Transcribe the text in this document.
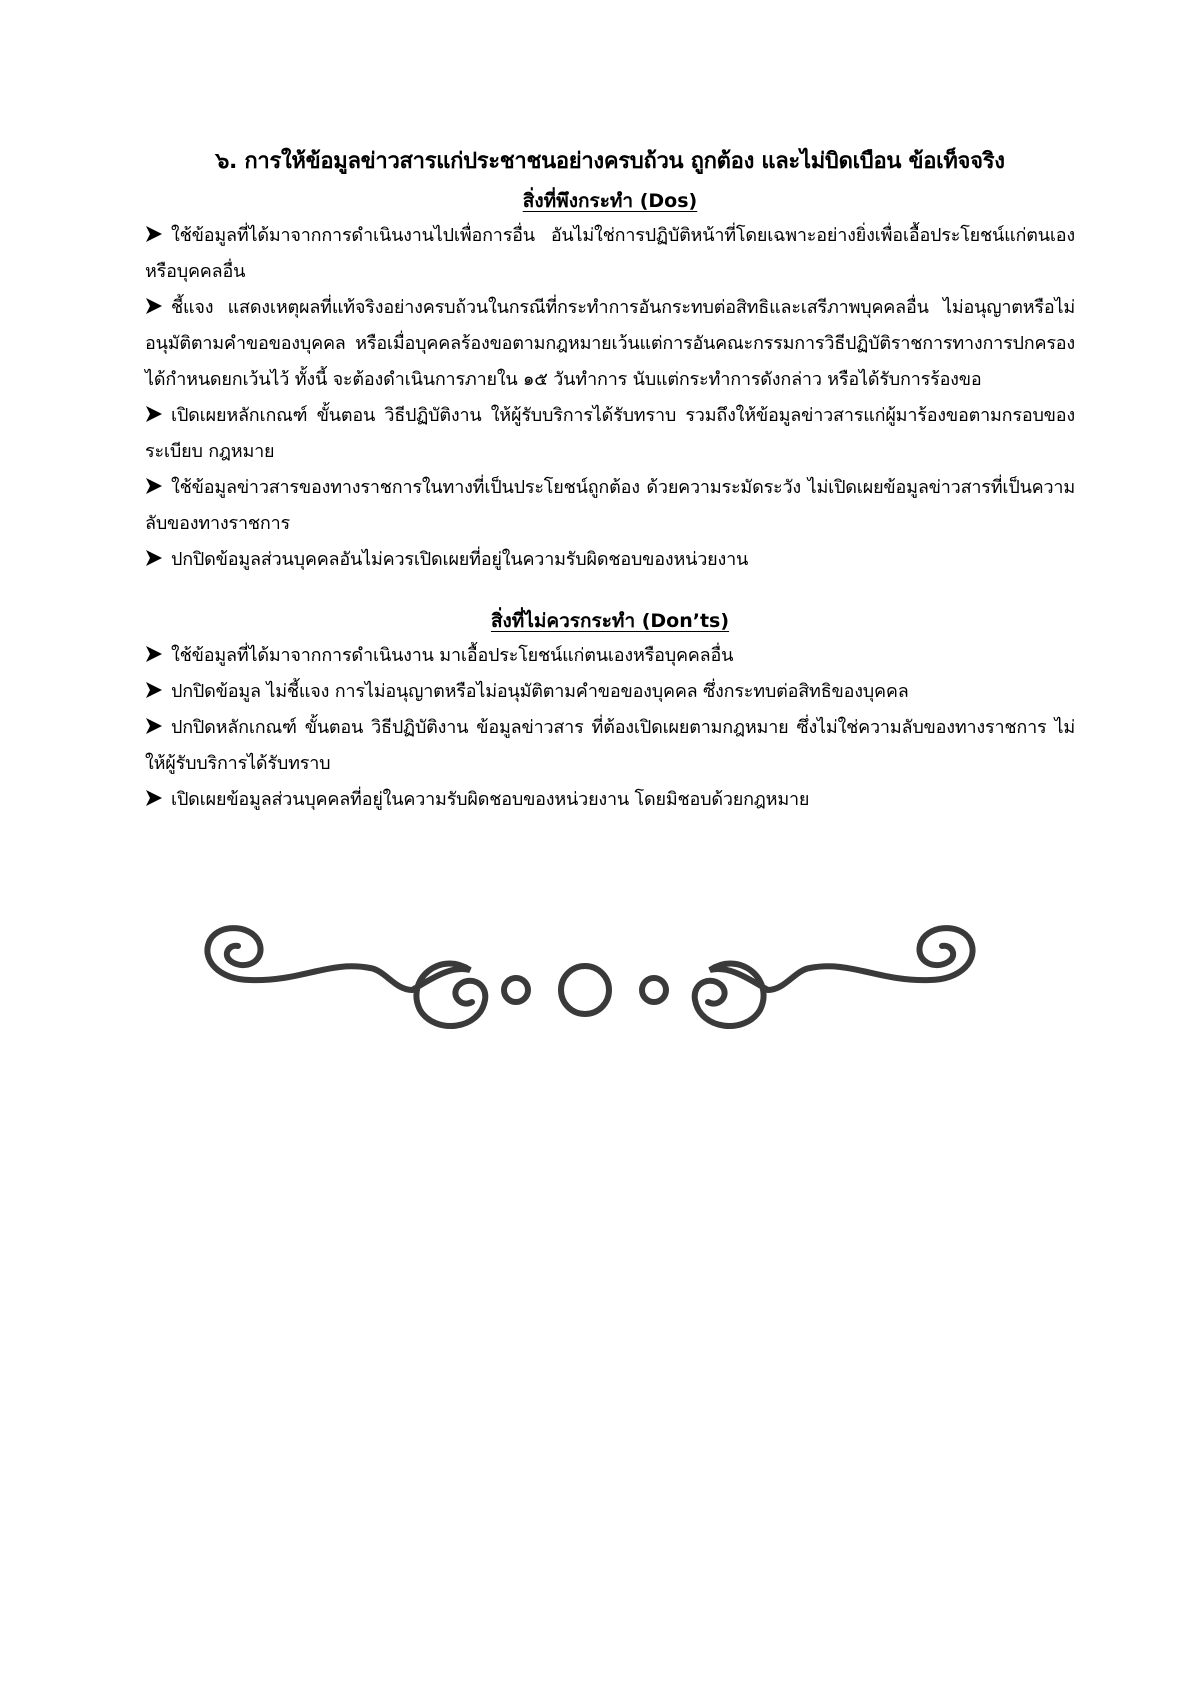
๖. การให้ข้อมูลข่าวสารแก่ประชาชนอย่างครบถ้วน ถูกต้อง และไม่บิดเบือน ข้อเท็จจริง
สิ่งที่พึงกระทำ (Dos)
ใช้ข้อมูลที่ได้มาจากการดำเนินงานไปเพื่อการอื่น อันไม่ใช่การปฏิบัติหน้าที่โดยเฉพาะอย่างยิ่งเพื่อเอื้อประโยชน์แก่ตนเองหรือบุคคลอื่น
ชี้แจง แสดงเหตุผลที่แท้จริงอย่างครบถ้วนในกรณีที่กระทำการอันกระทบต่อสิทธิและเสรีภาพบุคคลอื่น ไม่อนุญาตหรือไม่อนุมัติตามคำขอของบุคคล หรือเมื่อบุคคลร้องขอตามกฎหมายเว้นแต่การอันคณะกรรมการวิธีปฏิบัติราชการทางการปกครองได้กำหนดยกเว้นไว้ ทั้งนี้ จะต้องดำเนินการภายใน ๑๕ วันทำการ นับแต่กระทำการดังกล่าว หรือได้รับการร้องขอ
เปิดเผยหลักเกณฑ์ ขั้นตอน วิธีปฏิบัติงาน ให้ผู้รับบริการได้รับทราบ รวมถึงให้ข้อมูลข่าวสารแก่ผู้มาร้องขอตามกรอบของระเบียบ กฎหมาย
ใช้ข้อมูลข่าวสารของทางราชการในทางที่เป็นประโยชน์ถูกต้อง ด้วยความระมัดระวัง ไม่เปิดเผยข้อมูลข่าวสารที่เป็นความลับของทางราชการ
ปกปิดข้อมูลส่วนบุคคลอันไม่ควรเปิดเผยที่อยู่ในความรับผิดชอบของหน่วยงาน
สิ่งที่ไม่ควรกระทำ (Don’ts)
ใช้ข้อมูลที่ได้มาจากการดำเนินงาน มาเอื้อประโยชน์แก่ตนเองหรือบุคคลอื่น
ปกปิดข้อมูล ไม่ชี้แจง การไม่อนุญาตหรือไม่อนุมัติตามคำขอของบุคคล ซึ่งกระทบต่อสิทธิของบุคคล
ปกปิดหลักเกณฑ์ ขั้นตอน วิธีปฏิบัติงาน ข้อมูลข่าวสาร ที่ต้องเปิดเผยตามกฎหมาย ซึ่งไม่ใช่ความลับของทางราชการ ไม่ให้ผู้รับบริการได้รับทราบ
เปิดเผยข้อมูลส่วนบุคคลที่อยู่ในความรับผิดชอบของหน่วยงาน โดยมิชอบด้วยกฎหมาย
